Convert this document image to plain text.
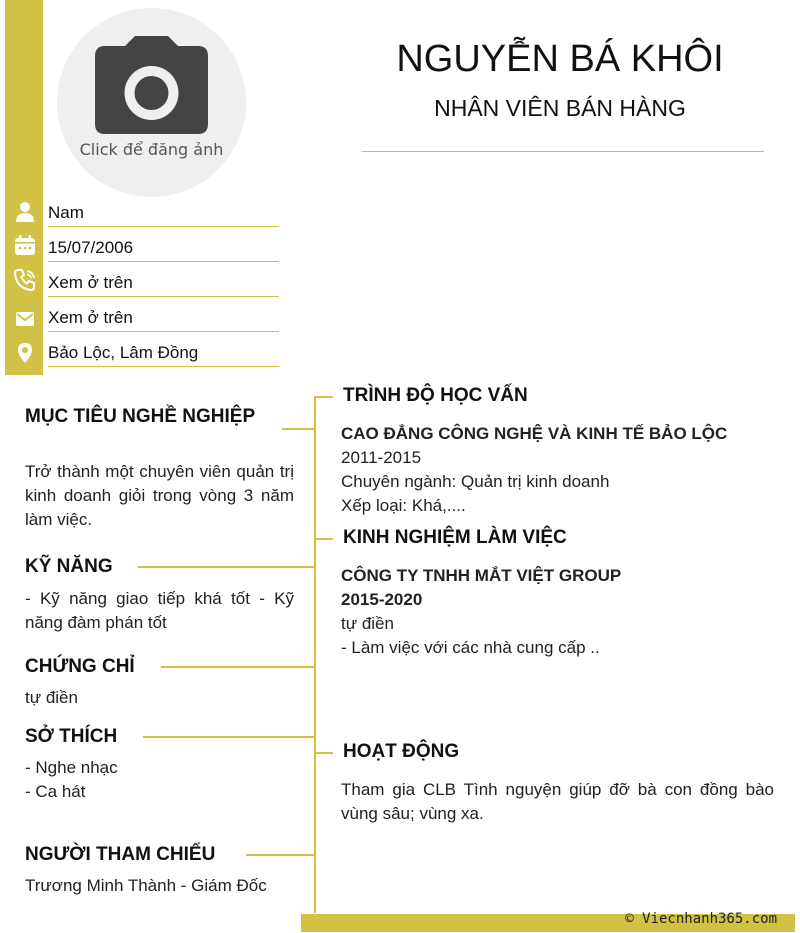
Click để đăng ảnh
NGUYỄN BÁ KHÔI
NHÂN VIÊN BÁN HÀNG
Nam
15/07/2006
Xem ở trên
Xem ở trên
Bảo Lộc, Lâm Đồng
MỤC TIÊU NGHỀ NGHIỆP
Trở thành một chuyên viên quản trị kinh doanh giỏi trong vòng 3 năm làm việc.
KỸ NĂNG
- Kỹ năng giao tiếp khá tốt - Kỹ năng đàm phán tốt
CHỨNG CHỈ
tự điền
SỞ THÍCH
- Nghe nhạc
- Ca hát
NGƯỜI THAM CHIẾU
Trương Minh Thành - Giám Đốc
TRÌNH ĐỘ HỌC VẤN
CAO ĐẲNG CÔNG NGHỆ VÀ KINH TẾ BẢO LỘC
2011-2015
Chuyên ngành: Quản trị kinh doanh
Xếp loại: Khá,....
KINH NGHIỆM LÀM VIỆC
CÔNG TY TNHH MẮT VIỆT GROUP
2015-2020
tự điền
- Làm việc với các nhà cung cấp ..
HOẠT ĐỘNG
Tham gia CLB Tình nguyện giúp đỡ bà con đồng bào vùng sâu; vùng xa.
© Viecnhanh365.com
